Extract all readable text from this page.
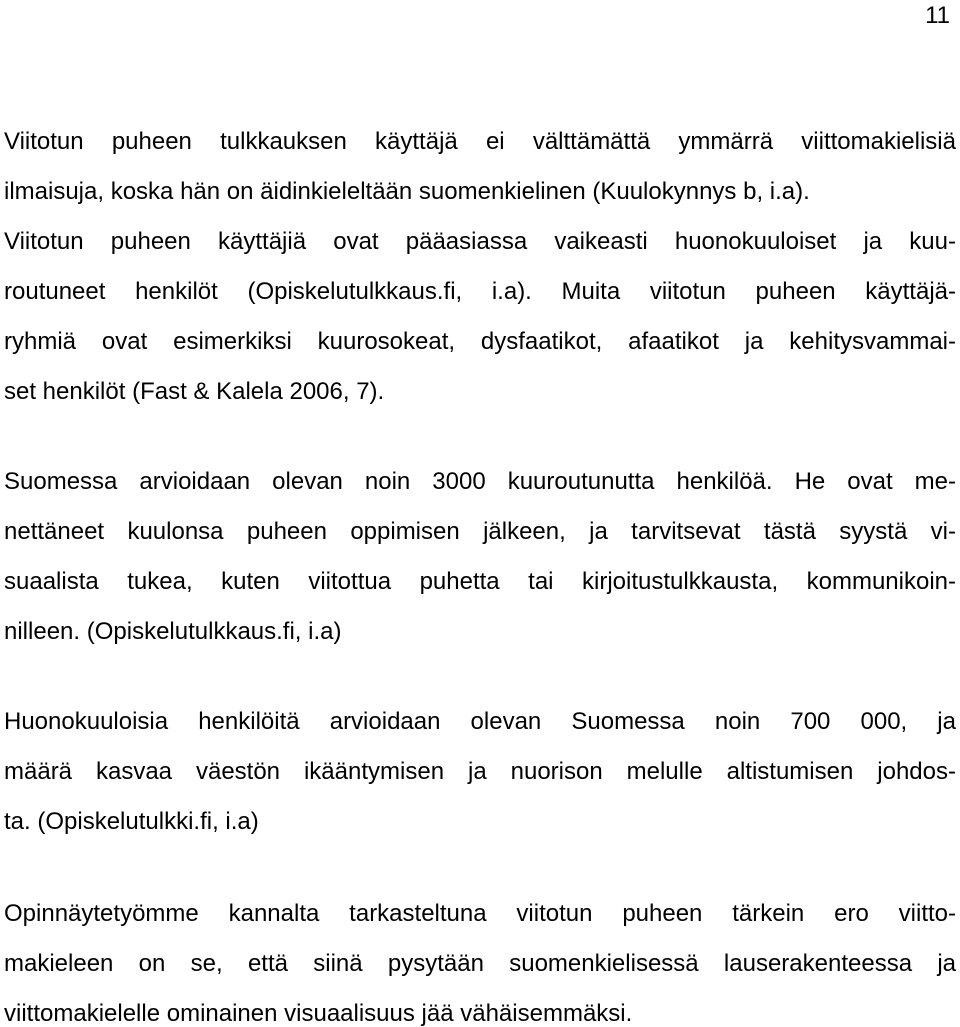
11
Viitotun puheen tulkkauksen käyttäjä ei välttämättä ymmärrä viittomakielisiä
ilmaisuja, koska hän on äidinkieleltään suomenkielinen (Kuulokynnys b, i.a).
Viitotun puheen käyttäjiä ovat pääasiassa vaikeasti huonokuuloiset ja kuu-
routuneet henkilöt (Opiskelutulkkaus.fi, i.a). Muita viitotun puheen käyttäjä-
ryhmiä ovat esimerkiksi kuurosokeat, dysfaatikot, afaatikot ja kehitysvammai-
set henkilöt (Fast & Kalela 2006, 7).
Suomessa arvioidaan olevan noin 3000 kuuroutunutta henkilöä. He ovat me-
nettäneet kuulonsa puheen oppimisen jälkeen, ja tarvitsevat tästä syystä vi-
suaalista tukea, kuten viitottua puhetta tai kirjoitustulkkausta, kommunikoin-
nilleen. (Opiskelutulkkaus.fi, i.a)
Huonokuuloisia henkilöitä arvioidaan olevan Suomessa noin 700 000, ja
määrä kasvaa väestön ikääntymisen ja nuorison melulle altistumisen johdos-
ta. (Opiskelutulkki.fi, i.a)
Opinnäytetyömme kannalta tarkasteltuna viitotun puheen tärkein ero viitto-
makieleen on se, että siinä pysytään suomenkielisessä lauserakenteessa ja
viittomakielelle ominainen visuaalisuus jää vähäisemmäksi.
